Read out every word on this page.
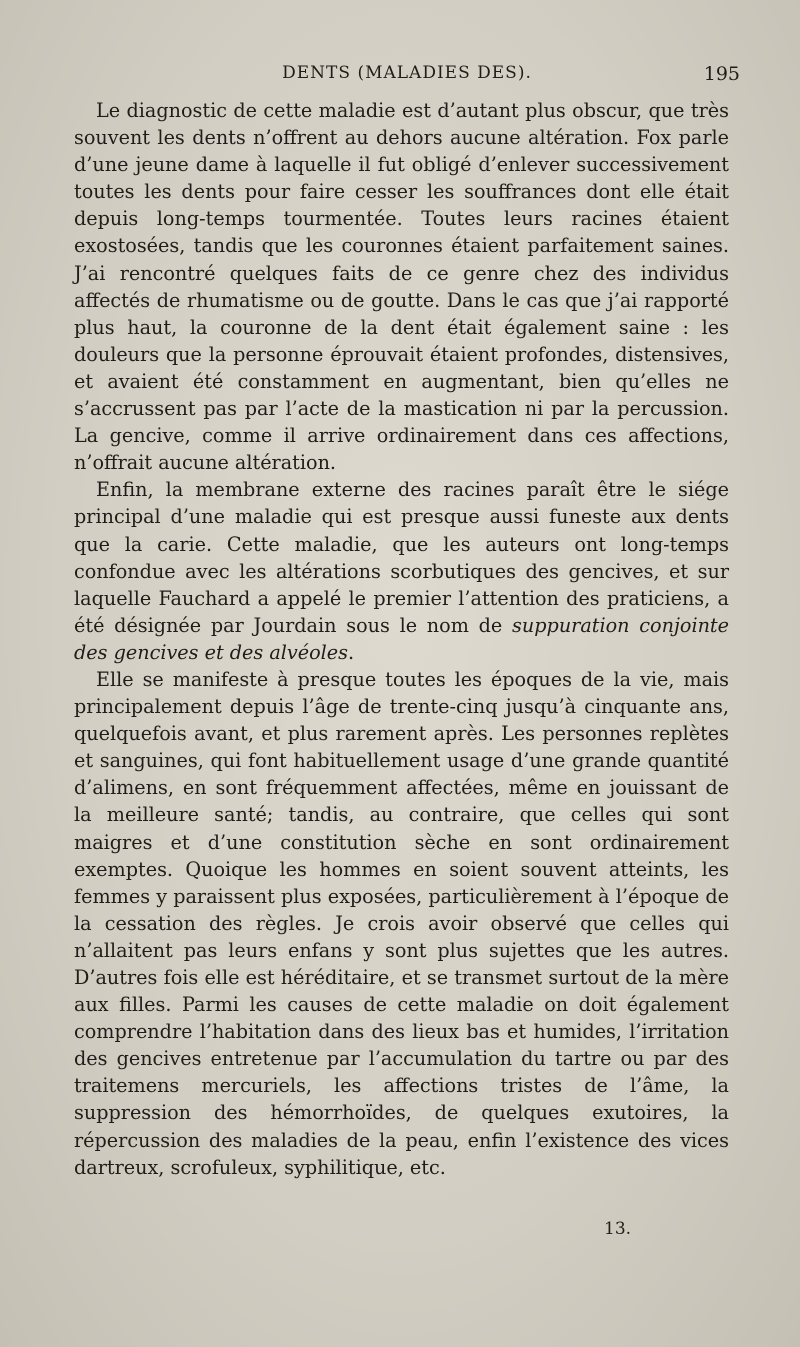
DENTS (MALADIES DES).	195

Le diagnostic de cette maladie est d’autant plus obscur, que très souvent les dents n’offrent au dehors aucune altération. Fox parle d’une jeune dame à laquelle il fut obligé d’enlever successivement toutes les dents pour faire cesser les souffrances dont elle était depuis long-temps tourmentée. Toutes leurs racines étaient exostosées, tandis que les couronnes étaient parfaitement saines. J’ai rencontré quelques faits de ce genre chez des individus affectés de rhumatisme ou de goutte. Dans le cas que j’ai rapporté plus haut, la couronne de la dent était également saine : les douleurs que la personne éprouvait étaient profondes, distensives, et avaient été constamment en augmentant, bien qu’elles ne s’accrussent pas par l’acte de la mastication ni par la percussion. La gencive, comme il arrive ordinairement dans ces affections, n’offrait aucune altération.

Enfin, la membrane externe des racines paraît être le siége principal d’une maladie qui est presque aussi funeste aux dents que la carie. Cette maladie, que les auteurs ont long-temps confondue avec les altérations scorbutiques des gencives, et sur laquelle Fauchard a appelé le premier l’attention des praticiens, a été désignée par Jourdain sous le nom de suppuration conjointe des gencives et des alvéoles.

Elle se manifeste à presque toutes les époques de la vie, mais principalement depuis l’âge de trente-cinq jusqu’à cinquante ans, quelquefois avant, et plus rarement après. Les personnes replètes et sanguines, qui font habituellement usage d’une grande quantité d’alimens, en sont fréquemment affectées, même en jouissant de la meilleure santé; tandis, au contraire, que celles qui sont maigres et d’une constitution sèche en sont ordinairement exemptes. Quoique les hommes en soient souvent atteints, les femmes y paraissent plus exposées, particulièrement à l’époque de la cessation des règles. Je crois avoir observé que celles qui n’allaitent pas leurs enfans y sont plus sujettes que les autres. D’autres fois elle est héréditaire, et se transmet surtout de la mère aux filles. Parmi les causes de cette maladie on doit également comprendre l’habitation dans des lieux bas et humides, l’irritation des gencives entretenue par l’accumulation du tartre ou par des traitemens mercuriels, les affections tristes de l’âme, la suppression des hémorrhoïdes, de quelques exutoires, la répercussion des maladies de la peau, enfin l’existence des vices dartreux, scrofuleux, syphilitique, etc.

13.
